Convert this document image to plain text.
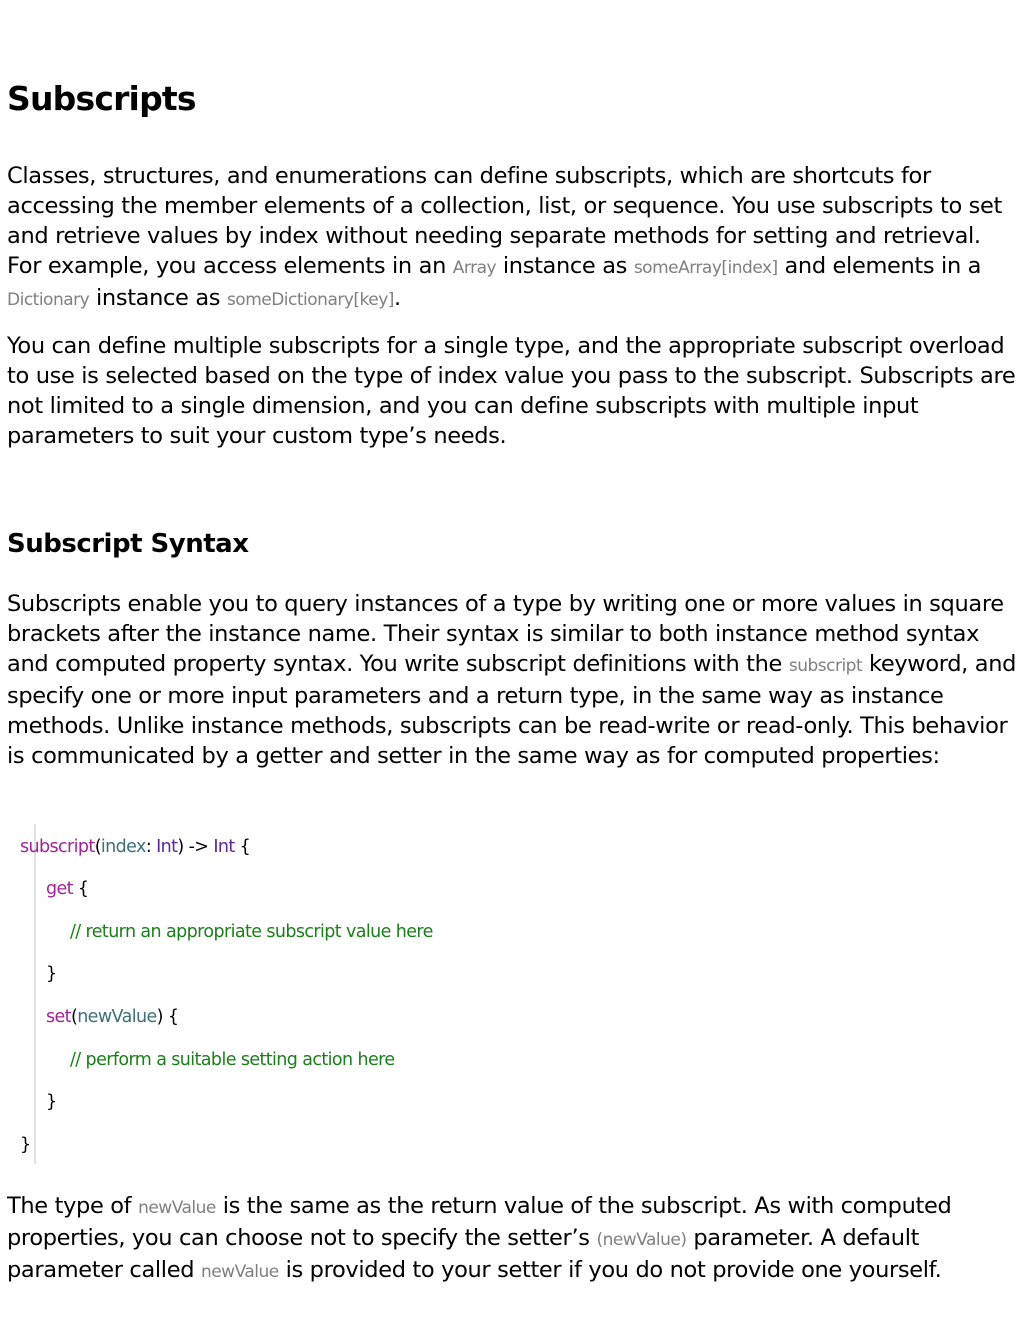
Subscripts

Classes, structures, and enumerations can define subscripts, which are shortcuts for accessing the member elements of a collection, list, or sequence. You use subscripts to set and retrieve values by index without needing separate methods for setting and retrieval. For example, you access elements in an Array instance as someArray[index] and elements in a Dictionary instance as someDictionary[key].

You can define multiple subscripts for a single type, and the appropriate subscript overload to use is selected based on the type of index value you pass to the subscript. Subscripts are not limited to a single dimension, and you can define subscripts with multiple input parameters to suit your custom type’s needs.

Subscript Syntax

Subscripts enable you to query instances of a type by writing one or more values in square brackets after the instance name. Their syntax is similar to both instance method syntax and computed property syntax. You write subscript definitions with the subscript keyword, and specify one or more input parameters and a return type, in the same way as instance methods. Unlike instance methods, subscripts can be read-write or read-only. This behavior is communicated by a getter and setter in the same way as for computed properties:

subscript(index: Int) -> Int {
get {
// return an appropriate subscript value here
}
set(newValue) {
// perform a suitable setting action here
}
}

The type of newValue is the same as the return value of the subscript. As with computed properties, you can choose not to specify the setter’s (newValue) parameter. A default parameter called newValue is provided to your setter if you do not provide one yourself.
